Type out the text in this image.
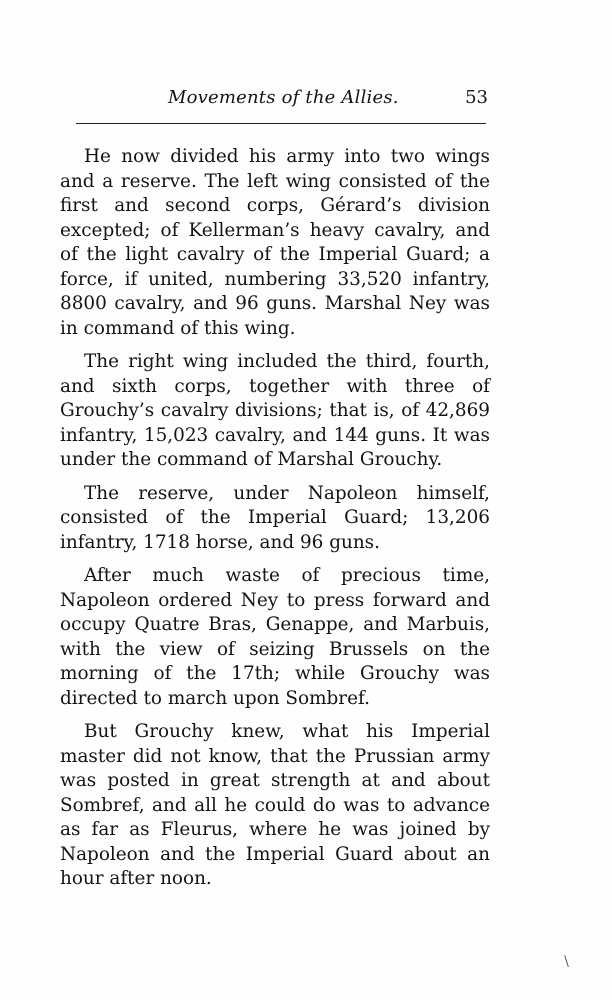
Movements of the Allies.	53

He now divided his army into two wings and a reserve. The left wing consisted of the first and second corps, Gérard’s division excepted; of Kellerman’s heavy cavalry, and of the light cavalry of the Imperial Guard; a force, if united, numbering 33,520 infantry, 8800 cavalry, and 96 guns. Marshal Ney was in command of this wing.

The right wing included the third, fourth, and sixth corps, together with three of Grouchy’s cavalry divisions; that is, of 42,869 infantry, 15,023 cavalry, and 144 guns. It was under the command of Marshal Grouchy.

The reserve, under Napoleon himself, consisted of the Imperial Guard; 13,206 infantry, 1718 horse, and 96 guns.

After much waste of precious time, Napoleon ordered Ney to press forward and occupy Quatre Bras, Genappe, and Marbuis, with the view of seizing Brussels on the morning of the 17th; while Grouchy was directed to march upon Sombref.

But Grouchy knew, what his Imperial master did not know, that the Prussian army was posted in great strength at and about Sombref, and all he could do was to advance as far as Fleurus, where he was joined by Napoleon and the Imperial Guard about an hour after noon.
